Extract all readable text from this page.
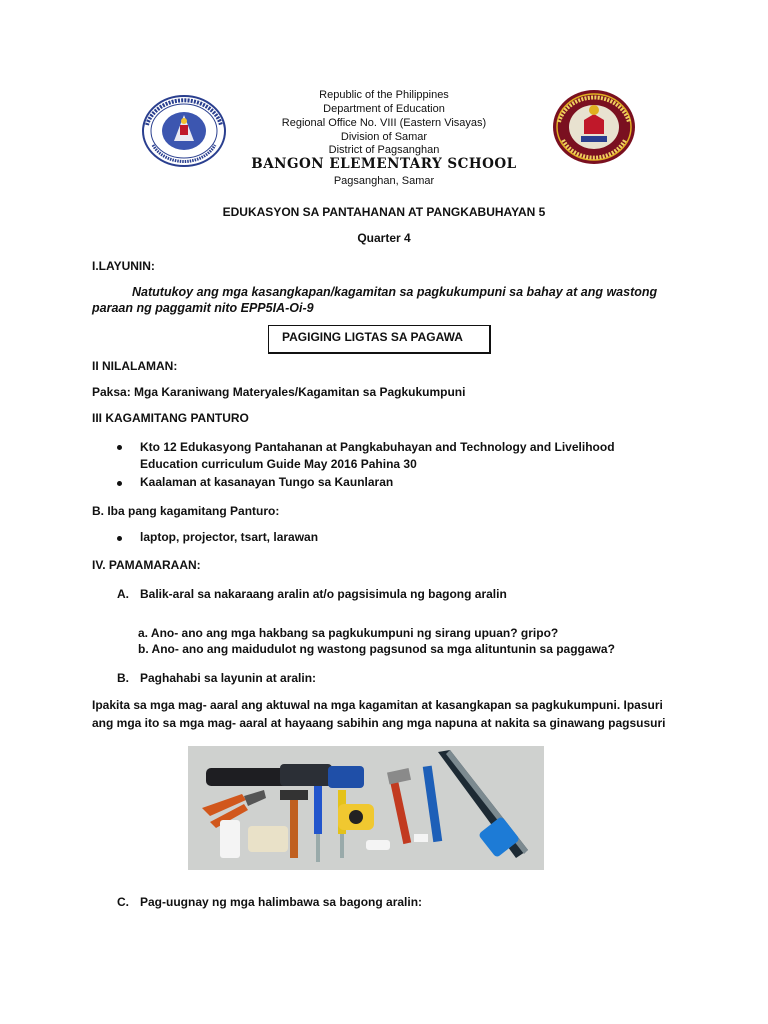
Republic of the Philippines
Department of Education
Regional Office No. VIII (Eastern Visayas)
Division of Samar
District of Pagsanghan
BANGON ELEMENTARY SCHOOL
Pagsanghan, Samar
EDUKASYON SA PANTAHANAN AT PANGKABUHAYAN 5
Quarter 4
I.LAYUNIN:
Natutukoy ang mga kasangkapan/kagamitan sa pagkukumpuni sa bahay at ang wastong
paraan ng paggamit nito EPP5IA-Oi-9
PAGIGING LIGTAS SA PAGAWA
II NILALAMAN:
Paksa: Mga Karaniwang Materyales/Kagamitan sa Pagkukumpuni
III KAGAMITANG PANTURO
Kto 12 Edukasyong Pantahanan at Pangkabuhayan and Technology and Livelihood
Education curriculum Guide May 2016 Pahina 30
Kaalaman at kasanayan Tungo sa Kaunlaran
B. Iba pang kagamitang Panturo:
laptop, projector, tsart, larawan
IV. PAMAMARAAN:
A. Balik-aral sa nakaraang aralin at/o pagsisimula ng bagong aralin
a. Ano- ano ang mga hakbang sa pagkukumpuni ng sirang upuan? gripo?
b. Ano- ano ang maidudulot ng wastong pagsunod sa mga alituntunin sa paggawa?
B. Paghahabi sa layunin at aralin:
Ipakita sa mga mag- aaral ang aktuwal na mga kagamitan at kasangkapan sa pagkukumpuni. Ipasuri
ang mga ito sa mga mag- aaral at hayaang sabihin ang mga napuna at nakita sa ginawang pagsusuri
C. Pag-uugnay ng mga halimbawa sa bagong aralin:
